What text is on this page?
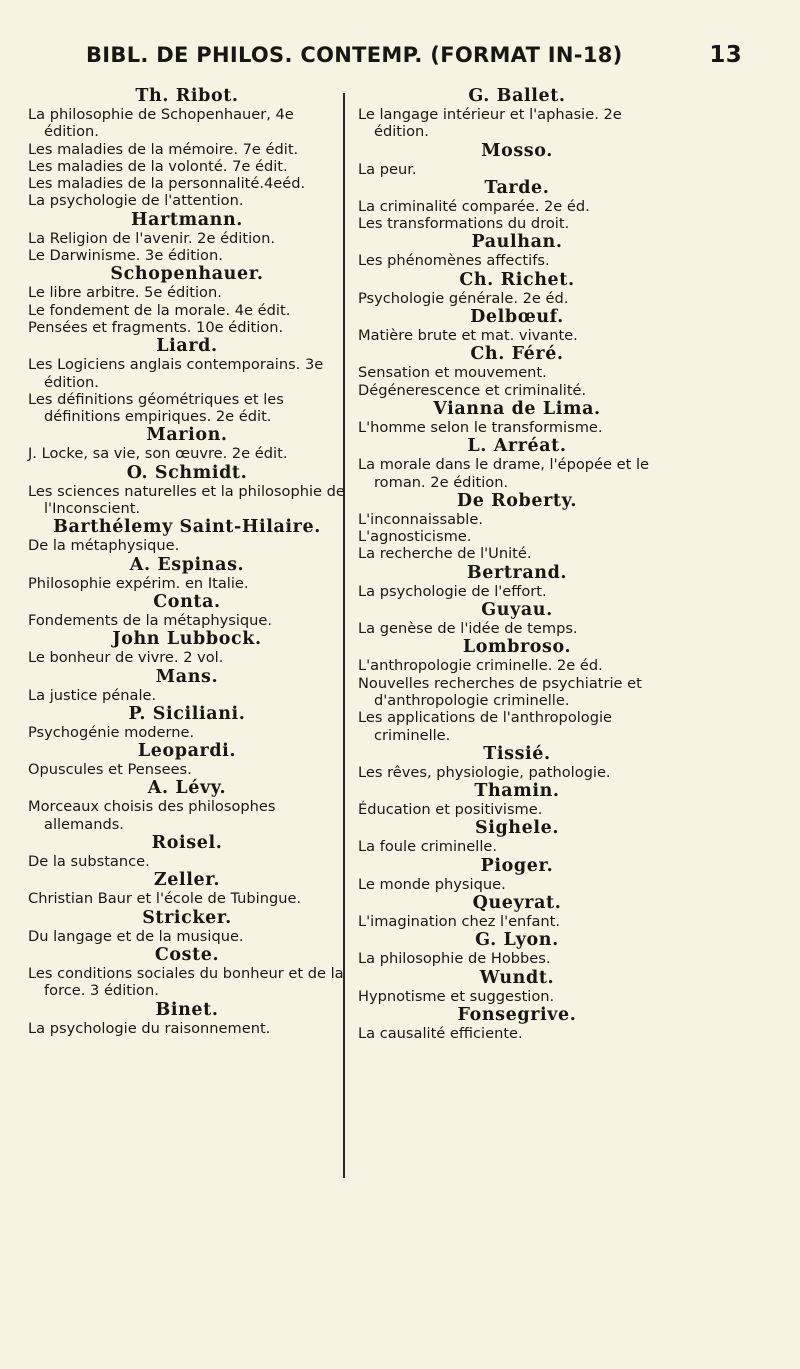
BIBL. DE PHILOS. CONTEMP. (FORMAT IN-18)	13

Th. Ribot.

La philosophie de Schopenhauer, 4e édition.

Les maladies de la mémoire. 7e édit.

Les maladies de la volonté. 7e édit.

Les maladies de la personnalité.4eéd.

La psychologie de l'attention.

Hartmann.

La Religion de l'avenir. 2e édition.

Le Darwinisme. 3e édition.

Schopenhauer.

Le libre arbitre. 5e édition.

Le fondement de la morale. 4e édit.

Pensées et fragments. 10e édition.

Liard.

Les Logiciens anglais contemporains. 3e édition.

Les définitions géométriques et les définitions empiriques. 2e édit.

Marion.

J. Locke, sa vie, son œuvre. 2e édit.

O. Schmidt.

Les sciences naturelles et la philosophie de l'Inconscient.

Barthélemy Saint-Hilaire.

De la métaphysique.

A. Espinas.

Philosophie expérim. en Italie.

Conta.

Fondements de la métaphysique.

John Lubbock.

Le bonheur de vivre. 2 vol.

Mans.

La justice pénale.

P. Siciliani.

Psychogénie moderne.

Leopardi.

Opuscules et Pensees.

A. Lévy.

Morceaux choisis des philosophes allemands.

Roisel.

De la substance.

Zeller.

Christian Baur et l'école de Tubingue.

Stricker.

Du langage et de la musique.

Coste.

Les conditions sociales du bonheur et de la force. 3 édition.

Binet.

La psychologie du raisonnement.

G. Ballet.

Le langage intérieur et l'aphasie. 2e édition.

Mosso.

La peur.

Tarde.

La criminalité comparée. 2e éd.

Les transformations du droit.

Paulhan.

Les phénomènes affectifs.

Ch. Richet.

Psychologie générale. 2e éd.

Delbœuf.

Matière brute et mat. vivante.

Ch. Féré.

Sensation et mouvement.

Dégénerescence et criminalité.

Vianna de Lima.

L'homme selon le transformisme.

L. Arréat.

La morale dans le drame, l'épopée et le roman. 2e édition.

De Roberty.

L'inconnaissable.

L'agnosticisme.

La recherche de l'Unité.

Bertrand.

La psychologie de l'effort.

Guyau.

La genèse de l'idée de temps.

Lombroso.

L'anthropologie criminelle. 2e éd.

Nouvelles recherches de psychiatrie et d'anthropologie criminelle.

Les applications de l'anthropologie criminelle.

Tissié.

Les rêves, physiologie, pathologie.

Thamin.

Éducation et positivisme.

Sighele.

La foule criminelle.

Pioger.

Le monde physique.

Queyrat.

L'imagination chez l'enfant.

G. Lyon.

La philosophie de Hobbes.

Wundt.

Hypnotisme et suggestion.

Fonsegrive.

La causalité efficiente.
